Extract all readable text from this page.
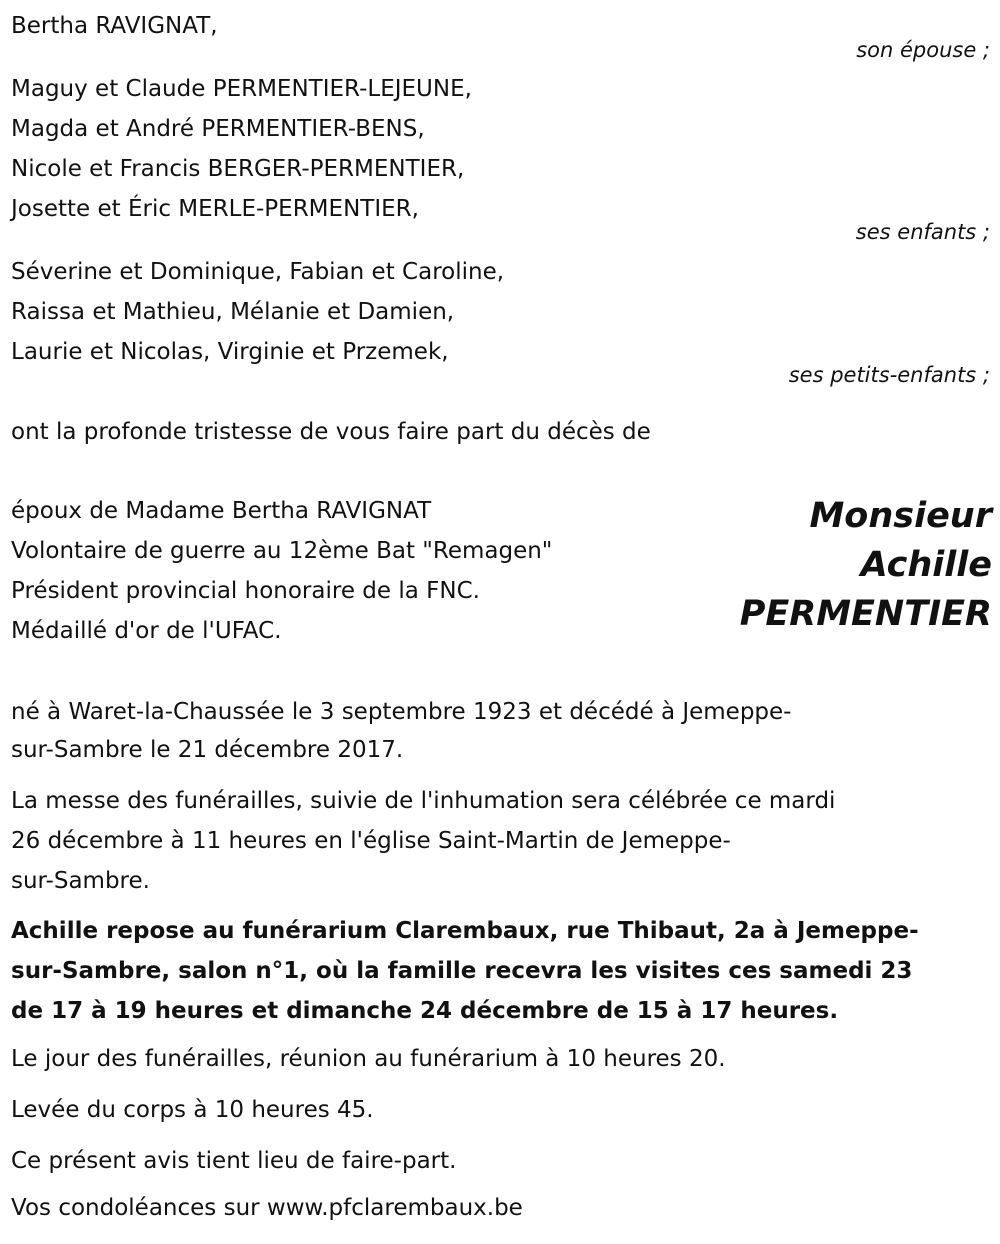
Bertha RAVIGNAT,
son épouse ;
Maguy et Claude PERMENTIER-LEJEUNE,
Magda et André PERMENTIER-BENS,
Nicole et Francis BERGER-PERMENTIER,
Josette et Éric MERLE-PERMENTIER,
ses enfants ;
Séverine et Dominique, Fabian et Caroline,
Raissa et Mathieu, Mélanie et Damien,
Laurie et Nicolas, Virginie et Przemek,
ses petits-enfants ;
ont la profonde tristesse de vous faire part du décès de
époux de Madame Bertha RAVIGNAT
Volontaire de guerre au 12ème Bat "Remagen"
Président provincial honoraire de la FNC.
Médaillé d'or de l'UFAC.
Monsieur
Achille
PERMENTIER
né à Waret-la-Chaussée le 3 septembre 1923 et décédé à Jemeppe-
sur-Sambre le 21 décembre 2017.
La messe des funérailles, suivie de l'inhumation sera célébrée ce mardi
26 décembre à 11 heures en l'église Saint-Martin de Jemeppe-
sur-Sambre.
Achille repose au funérarium Clarembaux, rue Thibaut, 2a à Jemeppe-
sur-Sambre, salon n°1, où la famille recevra les visites ces samedi 23
de 17 à 19 heures et dimanche 24 décembre de 15 à 17 heures.
Le jour des funérailles, réunion au funérarium à 10 heures 20.
Levée du corps à 10 heures 45.
Ce présent avis tient lieu de faire-part.
Vos condoléances sur www.pfclarembaux.be
